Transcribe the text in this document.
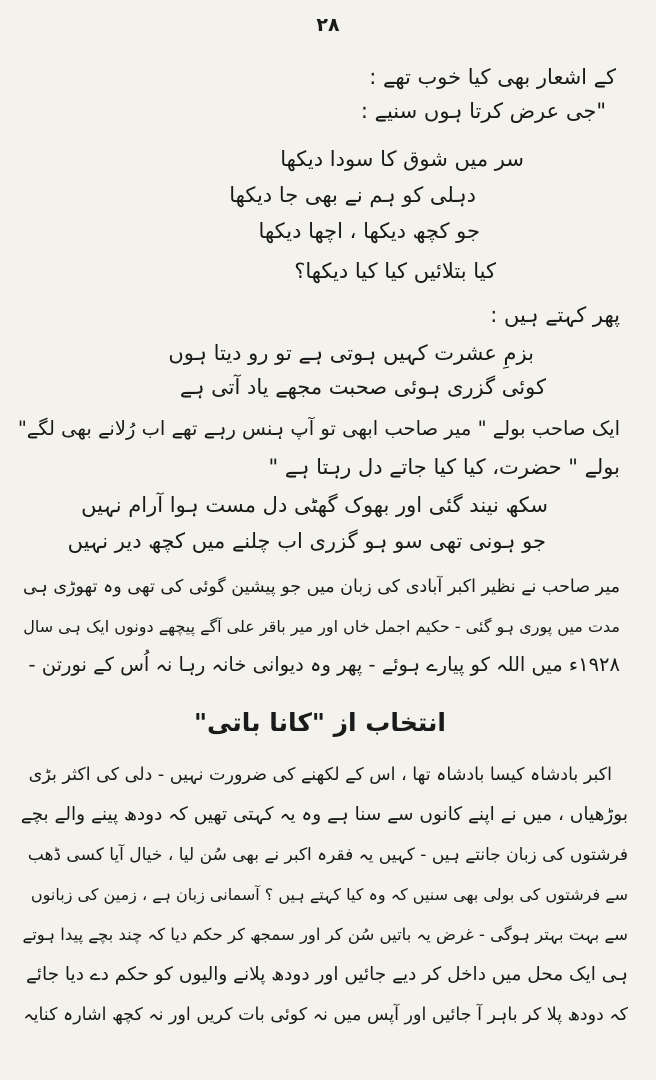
۲۸
کے اشعار بھی کیا خوب تھے :
"جی عرض کرتا ہوں سنیے :
سر میں شوق کا سودا دیکھا
دہلی کو ہم نے بھی جا دیکھا
جو کچھ دیکھا ، اچھا دیکھا
کیا بتلائیں کیا کیا دیکھا؟
پھر کہتے ہیں :
بزمِ عشرت کہیں ہوتی ہے تو رو دیتا ہوں
کوئی گزری ہوئی صحبت مجھے یاد آتی ہے
ایک صاحب بولے " میر صاحب ابھی تو آپ ہنس رہے تھے اب رُلانے بھی لگے"
بولے " حضرت، کیا کیا جاتے دل رہتا ہے "
سکھ نیند گئی اور بھوک گھٹی دل مست ہوا آرام نہیں
جو ہونی تھی سو ہو گزری اب چلنے میں کچھ دیر نہیں
میر صاحب نے نظیر اکبر آبادی کی زبان میں جو پیشین گوئی کی تھی وہ تھوڑی ہی
مدت میں پوری ہو گئی - حکیم اجمل خاں اور میر باقر علی آگے پیچھے دونوں ایک ہی سال
۱۹۲۸ء میں اللہ کو پیارے ہوئے - پھر وہ دیوانی خانہ رہا نہ اُس کے نورتن -
انتخاب از "کانا باتی"
اکبر بادشاہ کیسا بادشاہ تھا ، اس کے لکھنے کی ضرورت نہیں - دلی کی اکثر بڑی
بوڑھیاں ، میں نے اپنے کانوں سے سنا ہے وہ یہ کہتی تھیں کہ دودھ پینے والے بچے
فرشتوں کی زبان جانتے ہیں - کہیں یہ فقرہ اکبر نے بھی سُن لیا ، خیال آیا کسی ڈھب
سے فرشتوں کی بولی بھی سنیں کہ وہ کیا کہتے ہیں ؟ آسمانی زبان ہے ، زمین کی زبانوں
سے بہت بہتر ہوگی - غرض یہ باتیں سُن کر اور سمجھ کر حکم دیا کہ چند بچے پیدا ہوتے
ہی ایک محل میں داخل کر دیے جائیں اور دودھ پلانے والیوں کو حکم دے دیا جائے
کہ دودھ پلا کر باہر آ جائیں اور آپس میں نہ کوئی بات کریں اور نہ کچھ اشارہ کنایہ
